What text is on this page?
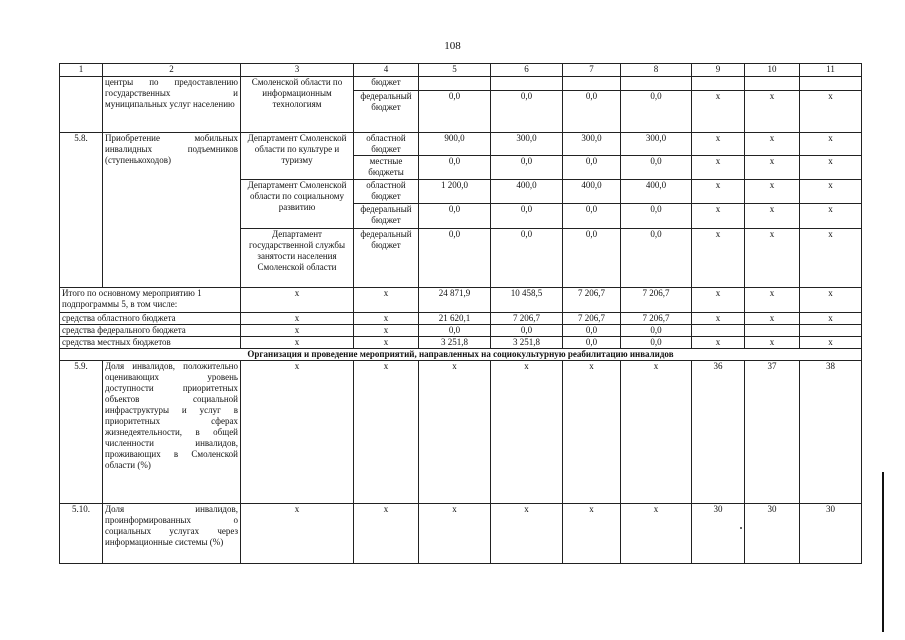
108
1	2	3	4	5	6	7	8	9	10	11
	центры по предоставлению государственных и муниципальных услуг населению	Смоленской области по информационным технологиям	бюджет							
			федеральный бюджет	0,0	0,0	0,0	0,0	х	х	х
5.8.	Приобретение мобильных инвалидных подъемников (ступенькоходов)	Департамент Смоленской области по культуре и туризму	областной бюджет	900,0	300,0	300,0	300,0	х	х	х
			местные бюджеты	0,0	0,0	0,0	0,0	х	х	х
		Департамент Смоленской области по социальному развитию	областной бюджет	1 200,0	400,0	400,0	400,0	х	х	х
			федеральный бюджет	0,0	0,0	0,0	0,0	х	х	х
		Департамент государственной службы занятости населения Смоленской области	федеральный бюджет	0,0	0,0	0,0	0,0	х	х	х
Итого по основному мероприятию 1 подпрограммы 5, в том числе:		х	х	24 871,9	10 458,5	7 206,7	7 206,7	х	х	х
средства областного бюджета		х	х	21 620,1	7 206,7	7 206,7	7 206,7	х	х	х
средства федерального бюджета		х	х	0,0	0,0	0,0	0,0			
средства местных бюджетов		х	х	3 251,8	3 251,8	0,0	0,0	х	х	х
Организация и проведение мероприятий, направленных на социокультурную реабилитацию инвалидов										
5.9.	Доля инвалидов, положительно оценивающих уровень доступности приоритетных объектов социальной инфраструктуры и услуг в приоритетных сферах жизнедеятельности, в общей численности инвалидов, проживающих в Смоленской области (%)	х	х	х	х	х	х	36	37	38
5.10.	Доля инвалидов, проинформированных о социальных услугах через информационные системы (%)	х	х	х	х	х	х	30	30	30
